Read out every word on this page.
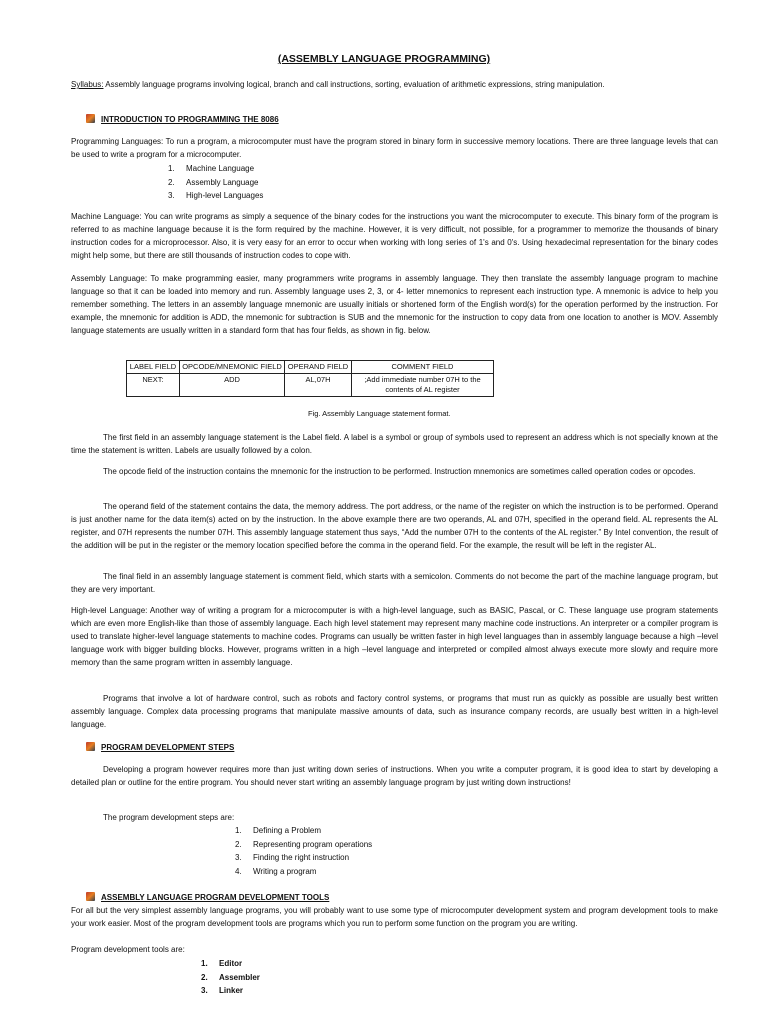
(ASSEMBLY LANGUAGE PROGRAMMING)

Syllabus: Assembly language programs involving logical, branch and call instructions, sorting, evaluation of arithmetic expressions, string manipulation.

INTRODUCTION TO PROGRAMMING THE 8086

Programming Languages: To run a program, a microcomputer must have the program stored in binary form in successive memory locations. There are three language levels that can be used to write a program for a microcomputer.

1. Machine Language
2. Assembly Language
3. High-level Languages

Machine Language: You can write programs as simply a sequence of the binary codes for the instructions you want the microcomputer to execute. This binary form of the program is referred to as machine language because it is the form required by the machine. However, it is very difficult, not possible, for a programmer to memorize the thousands of binary instruction codes for a microprocessor. Also, it is very easy for an error to occur when working with long series of 1's and 0's. Using hexadecimal representation for the binary codes might help some, but there are still thousands of instruction codes to cope with.

Assembly Language: To make programming easier, many programmers write programs in assembly language. They then translate the assembly language program to machine language so that it can be loaded into memory and run. Assembly language uses 2, 3, or 4- letter mnemonics to represent each instruction type. A mnemonic is advice to help you remember something. The letters in an assembly language mnemonic are usually initials or shortened form of the English word(s) for the operation performed by the instruction. For example, the mnemonic for addition is ADD, the mnemonic for subtraction is SUB and the mnemonic for the instruction to copy data from one location to another is MOV. Assembly language statements are usually written in a standard form that has four fields, as shown in fig. below.

LABEL FIELD	OPCODE/MNEMONIC FIELD	OPERAND FIELD	COMMENT FIELD
NEXT:	ADD	AL,07H	;Add immediate number 07H to the contents of AL register
Fig. Assembly Language statement format.

The first field in an assembly language statement is the Label field. A label is a symbol or group of symbols used to represent an address which is not specially known at the time the statement is written. Labels are usually followed by a colon.

The opcode field of the instruction contains the mnemonic for the instruction to be performed. Instruction mnemonics are sometimes called operation codes or opcodes.

The operand field of the statement contains the data, the memory address. The port address, or the name of the register on which the instruction is to be performed. Operand is just another name for the data item(s) acted on by the instruction. In the above example there are two operands, AL and 07H, specified in the operand field. AL represents the AL register, and 07H represents the number 07H. This assembly language statement thus says, “Add the number 07H to the contents of the AL register.” By Intel convention, the result of the addition will be put in the register or the memory location specified before the comma in the operand field. For the example, the result will be left in the register AL.

The final field in an assembly language statement is comment field, which starts with a semicolon. Comments do not become the part of the machine language program, but they are very important.

High-level Language: Another way of writing a program for a microcomputer is with a high-level language, such as BASIC, Pascal, or C. These language use program statements which are even more English-like than those of assembly language. Each high level statement may represent many machine code instructions. An interpreter or a compiler program is used to translate higher-level language statements to machine codes. Programs can usually be written faster in high level languages than in assembly language because a high –level language work with bigger building blocks. However, programs written in a high –level language and interpreted or compiled almost always execute more slowly and require more memory than the same program written in assembly language.

Programs that involve a lot of hardware control, such as robots and factory control systems, or programs that must run as quickly as possible are usually best written assembly language. Complex data processing programs that manipulate massive amounts of data, such as insurance company records, are usually best written in a high-level language.

PROGRAM DEVELOPMENT STEPS

Developing a program however requires more than just writing down series of instructions. When you write a computer program, it is good idea to start by developing a detailed plan or outline for the entire program. You should never start writing an assembly language program by just writing down instructions!

The program development steps are:

1. Defining a Problem
2. Representing program operations
3. Finding the right instruction
4. Writing a program
ASSEMBLY LANGUAGE PROGRAM DEVELOPMENT TOOLS

For all but the very simplest assembly language programs, you will probably want to use some type of microcomputer development system and program development tools to make your work easier. Most of the program development tools are programs which you run to perform some function on the program you are writing.

Program development tools are:

1. Editor
2. Assembler
3. Linker
